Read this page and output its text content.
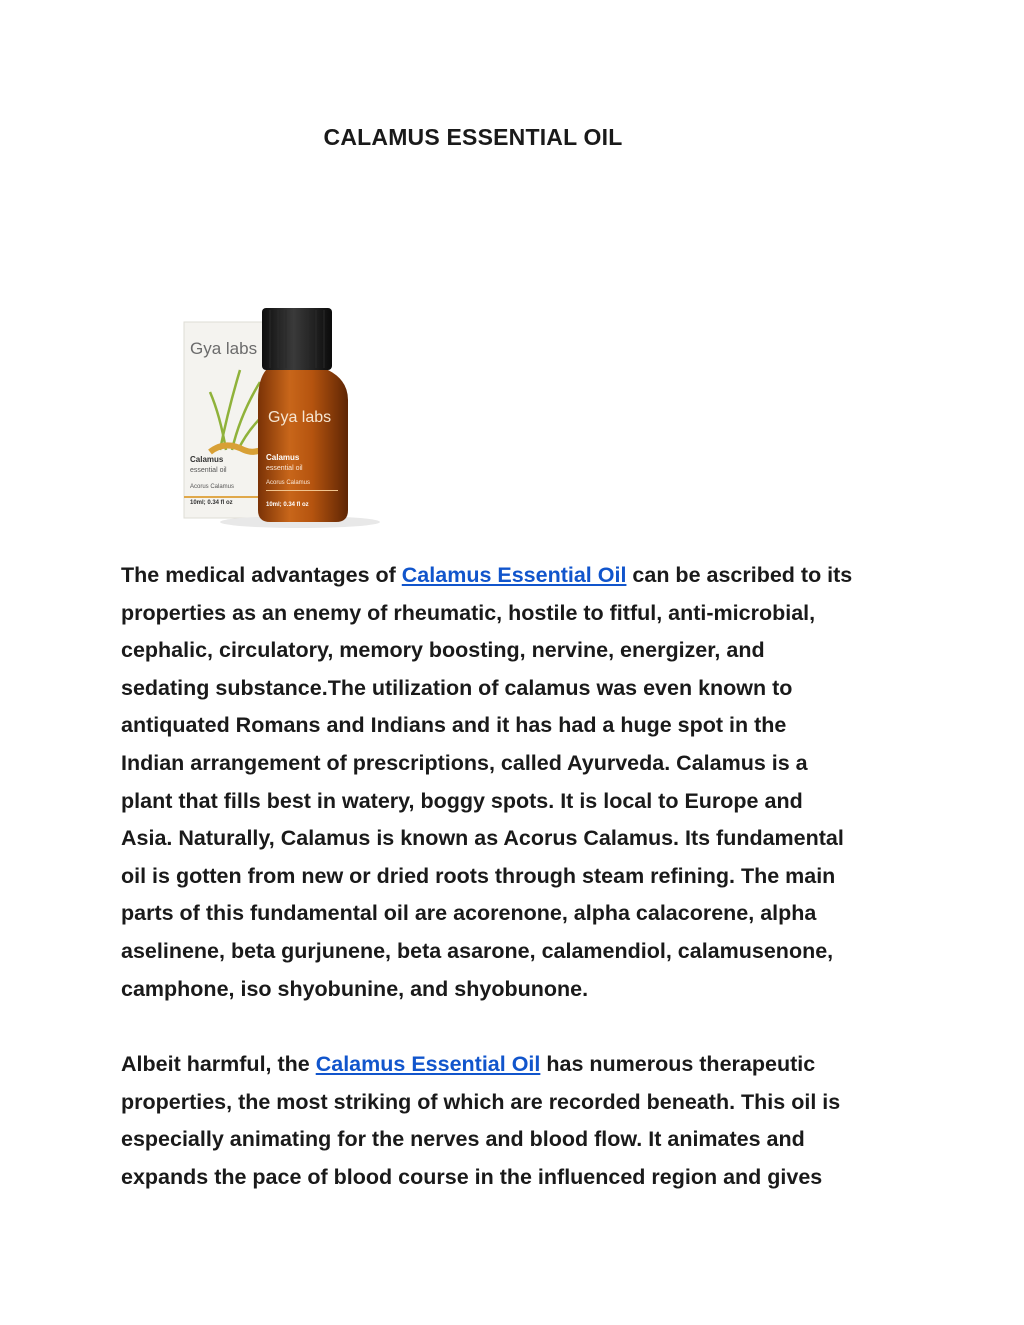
CALAMUS ESSENTIAL OIL
Gya labs
Calamus
essential oil
Acorus Calamus
10ml; 0.34 fl oz
Gya labs
Calamus
essential oil
Acorus Calamus
10ml; 0.34 fl oz
The medical advantages of Calamus Essential Oil can be ascribed to its
properties as an enemy of rheumatic, hostile to fitful, anti-microbial,
cephalic, circulatory, memory boosting, nervine, energizer, and
sedating substance.The utilization of calamus was even known to
antiquated Romans and Indians and it has had a huge spot in the
Indian arrangement of prescriptions, called Ayurveda. Calamus is a
plant that fills best in watery, boggy spots. It is local to Europe and
Asia. Naturally, Calamus is known as Acorus Calamus. Its fundamental
oil is gotten from new or dried roots through steam refining. The main
parts of this fundamental oil are acorenone, alpha calacorene, alpha
aselinene, beta gurjunene, beta asarone, calamendiol, calamusenone,
camphone, iso shyobunine, and shyobunone.
Albeit harmful, the Calamus Essential Oil has numerous therapeutic
properties, the most striking of which are recorded beneath. This oil is
especially animating for the nerves and blood flow. It animates and
expands the pace of blood course in the influenced region and gives
